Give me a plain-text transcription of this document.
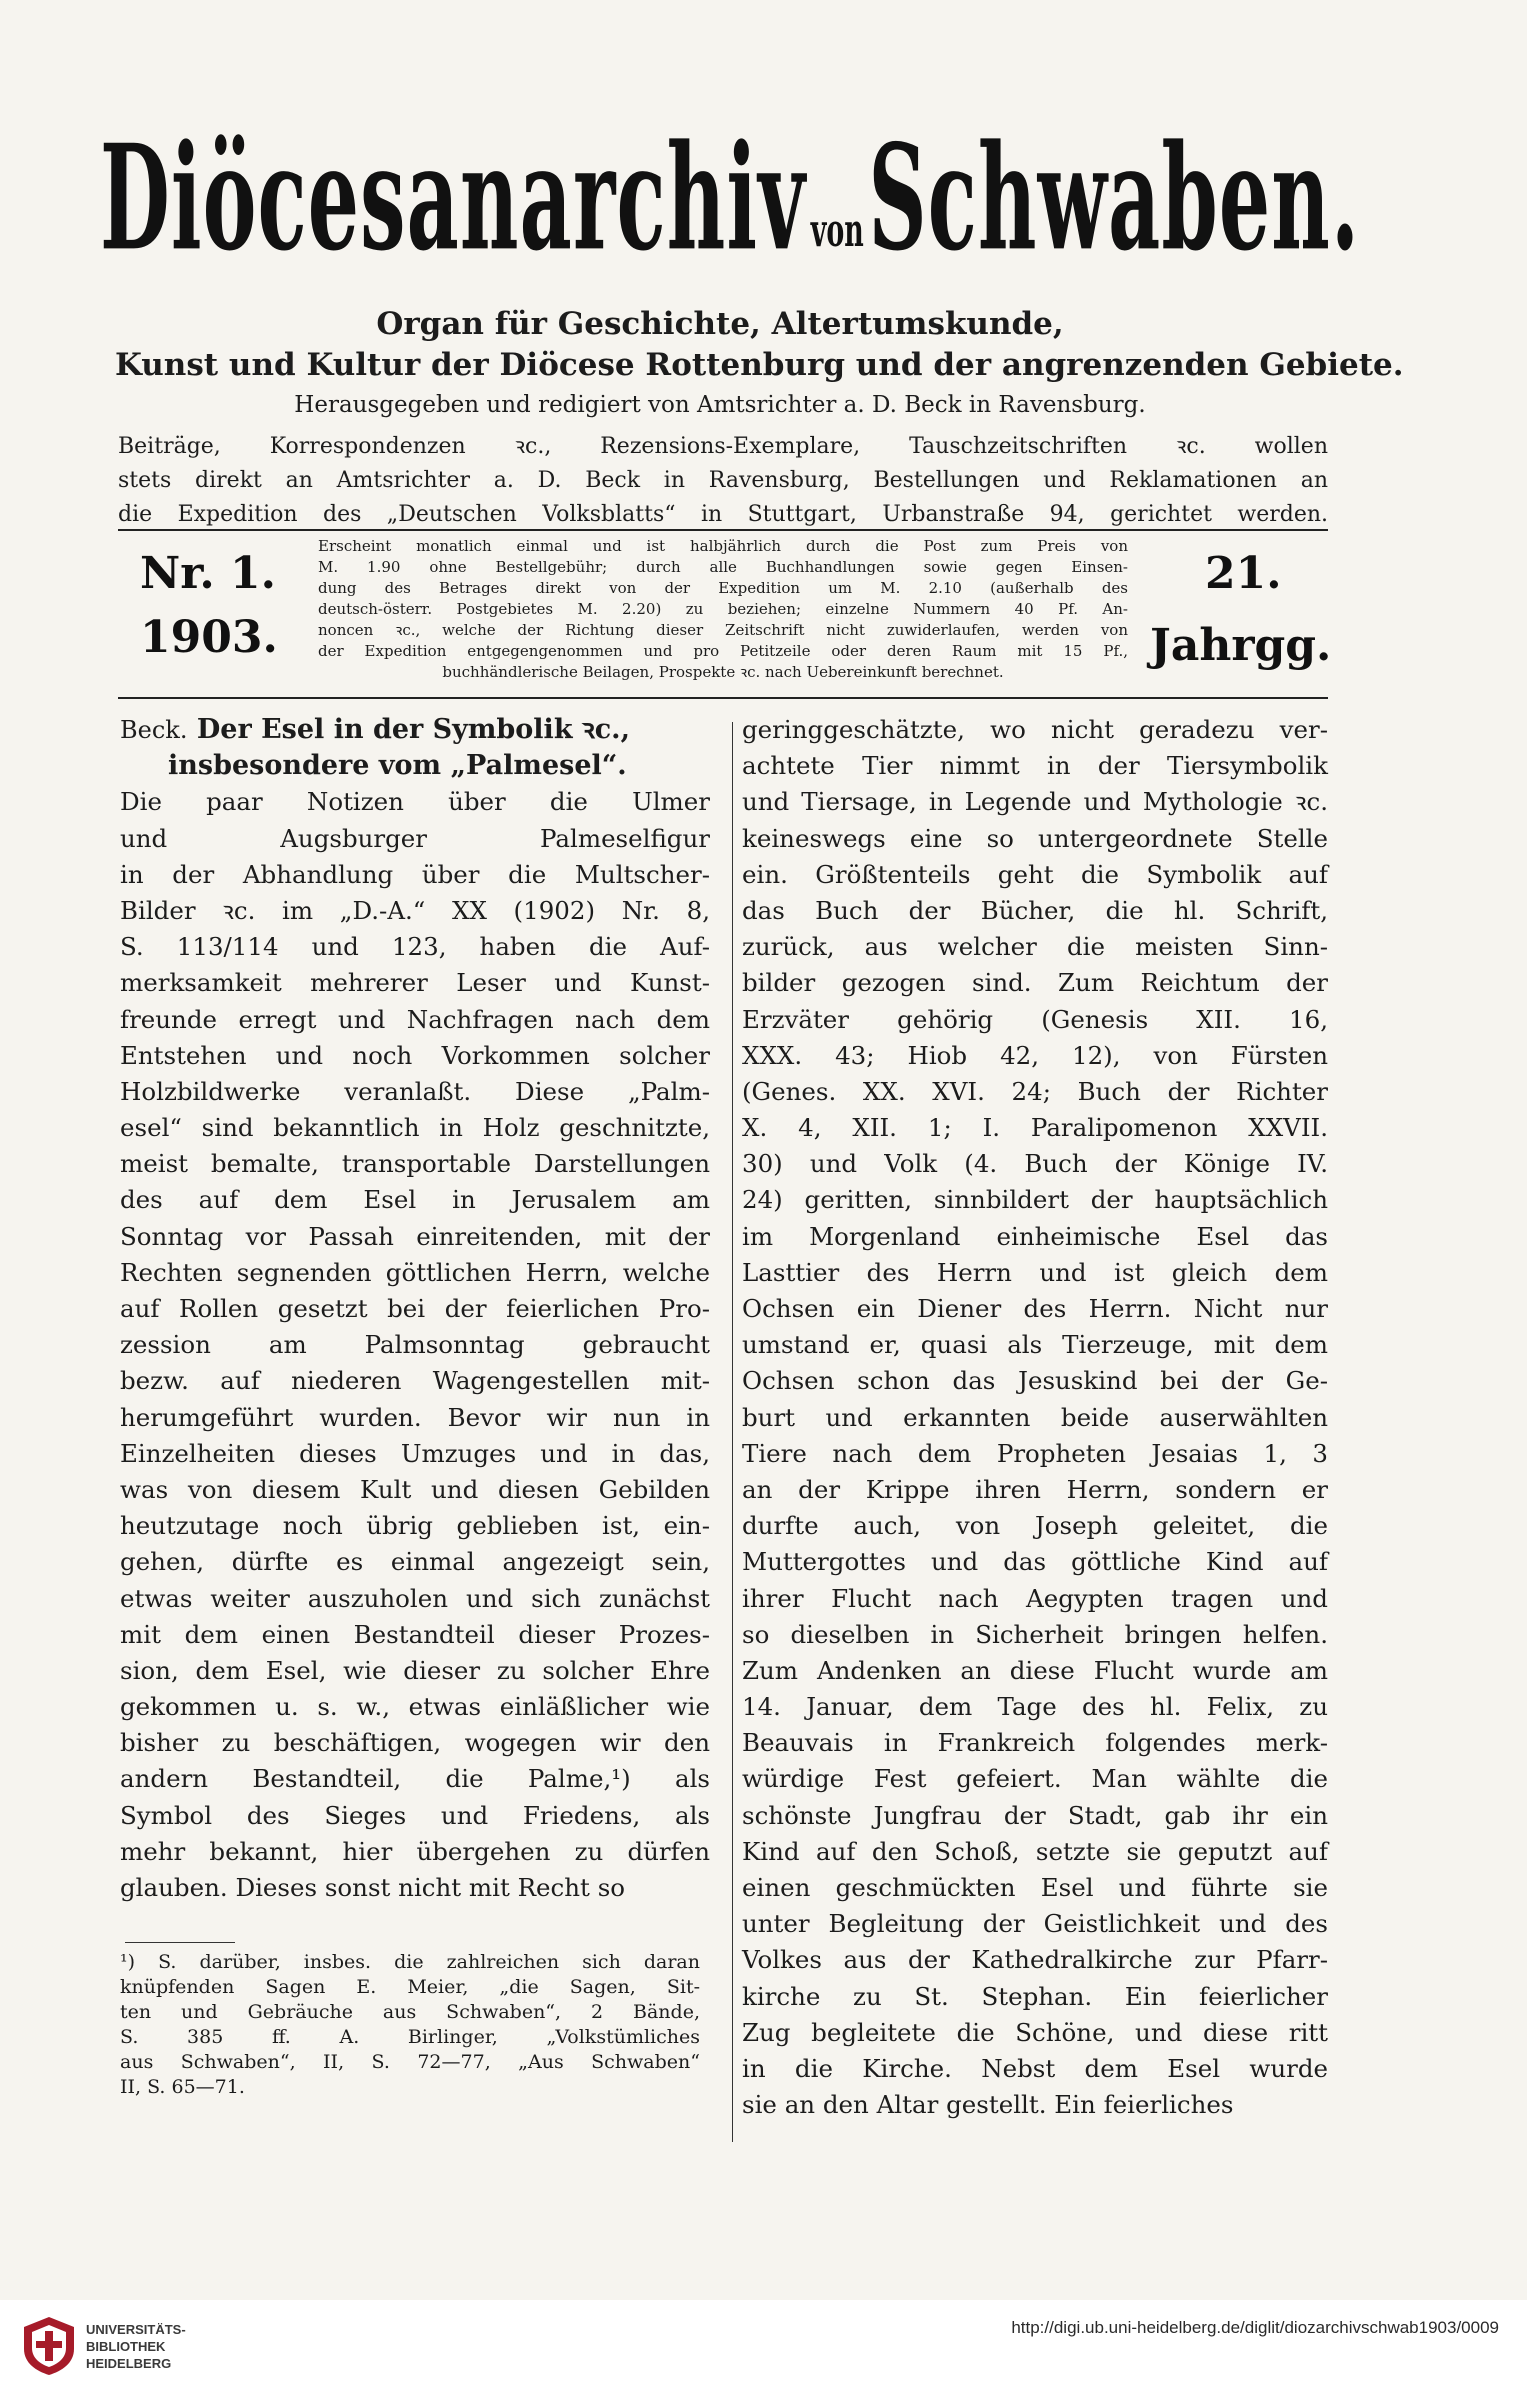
Diöcesanarchiv vonSchwaben.
Organ für Geschichte, Altertumskunde,
Kunst und Kultur der Diöcese Rottenburg und der angrenzenden Gebiete.
Herausgegeben und redigiert von Amtsrichter a. D. Beck in Ravensburg.
Beiträge, Korrespondenzen ꝛc., Rezensions-Exemplare, Tauschzeitschriften ꝛc. wollen
stets direkt an Amtsrichter a. D. Beck in Ravensburg, Bestellungen und Reklamationen an
die Expedition des „Deutschen Volksblatts“ in Stuttgart, Urbanstraße 94, gerichtet werden.
Nr. 1.
1903.
21.
Jahrgg.
Erscheint monatlich einmal und ist halbjährlich durch die Post zum Preis von
M. 1.90 ohne Bestellgebühr; durch alle Buchhandlungen sowie gegen Einsen-
dung des Betrages direkt von der Expedition um M. 2.10 (außerhalb des
deutsch-österr. Postgebietes M. 2.20) zu beziehen; einzelne Nummern 40 Pf. An-
noncen ꝛc., welche der Richtung dieser Zeitschrift nicht zuwiderlaufen, werden von
der Expedition entgegengenommen und pro Petitzeile oder deren Raum mit 15 Pf.,
buchhändlerische Beilagen, Prospekte ꝛc. nach Uebereinkunft berechnet.
Beck. Der Esel in der Symbolik ꝛc.,
insbesondere vom „Palmesel“.
Die paar Notizen über die Ulmer
und Augsburger Palmeselfigur
in der Abhandlung über die Multscher-
Bilder ꝛc. im „D.-A.“ XX (1902) Nr. 8,
S. 113/114 und 123, haben die Auf-
merksamkeit mehrerer Leser und Kunst-
freunde erregt und Nachfragen nach dem
Entstehen und noch Vorkommen solcher
Holzbildwerke veranlaßt. Diese „Palm-
esel“ sind bekanntlich in Holz geschnitzte,
meist bemalte, transportable Darstellungen
des auf dem Esel in Jerusalem am
Sonntag vor Passah einreitenden, mit der
Rechten segnenden göttlichen Herrn, welche
auf Rollen gesetzt bei der feierlichen Pro-
zession am Palmsonntag gebraucht
bezw. auf niederen Wagengestellen mit-
herumgeführt wurden. Bevor wir nun in
Einzelheiten dieses Umzuges und in das,
was von diesem Kult und diesen Gebilden
heutzutage noch übrig geblieben ist, ein-
gehen, dürfte es einmal angezeigt sein,
etwas weiter auszuholen und sich zunächst
mit dem einen Bestandteil dieser Prozes-
sion, dem Esel, wie dieser zu solcher Ehre
gekommen u. s. w., etwas einläßlicher wie
bisher zu beschäftigen, wogegen wir den
andern Bestandteil, die Palme,¹) als
Symbol des Sieges und Friedens, als
mehr bekannt, hier übergehen zu dürfen
glauben. Dieses sonst nicht mit Recht so
geringgeschätzte, wo nicht geradezu ver-
achtete Tier nimmt in der Tiersymbolik
und Tiersage, in Legende und Mythologie ꝛc.
keineswegs eine so untergeordnete Stelle
ein. Größtenteils geht die Symbolik auf
das Buch der Bücher, die hl. Schrift,
zurück, aus welcher die meisten Sinn-
bilder gezogen sind. Zum Reichtum der
Erzväter gehörig (Genesis XII. 16,
XXX. 43; Hiob 42, 12), von Fürsten
(Genes. XX. XVI. 24; Buch der Richter
X. 4, XII. 1; I. Paralipomenon XXVII.
30) und Volk (4. Buch der Könige IV.
24) geritten, sinnbildert der hauptsächlich
im Morgenland einheimische Esel das
Lasttier des Herrn und ist gleich dem
Ochsen ein Diener des Herrn. Nicht nur
umstand er, quasi als Tierzeuge, mit dem
Ochsen schon das Jesuskind bei der Ge-
burt und erkannten beide auserwählten
Tiere nach dem Propheten Jesaias 1, 3
an der Krippe ihren Herrn, sondern er
durfte auch, von Joseph geleitet, die
Muttergottes und das göttliche Kind auf
ihrer Flucht nach Aegypten tragen und
so dieselben in Sicherheit bringen helfen.
Zum Andenken an diese Flucht wurde am
14. Januar, dem Tage des hl. Felix, zu
Beauvais in Frankreich folgendes merk-
würdige Fest gefeiert. Man wählte die
schönste Jungfrau der Stadt, gab ihr ein
Kind auf den Schoß, setzte sie geputzt auf
einen geschmückten Esel und führte sie
unter Begleitung der Geistlichkeit und des
Volkes aus der Kathedralkirche zur Pfarr-
kirche zu St. Stephan. Ein feierlicher
Zug begleitete die Schöne, und diese ritt
in die Kirche. Nebst dem Esel wurde
sie an den Altar gestellt. Ein feierliches
¹) S. darüber, insbes. die zahlreichen sich daran
knüpfenden Sagen E. Meier, „die Sagen, Sit-
ten und Gebräuche aus Schwaben“, 2 Bände,
S. 385 ff. A. Birlinger, „Volkstümliches
aus Schwaben“, II, S. 72—77, „Aus Schwaben“
II, S. 65—71.
UNIVERSITÄTS-
BIBLIOTHEK
HEIDELBERG
http://digi.ub.uni-heidelberg.de/diglit/diozarchivschwab1903/0009
